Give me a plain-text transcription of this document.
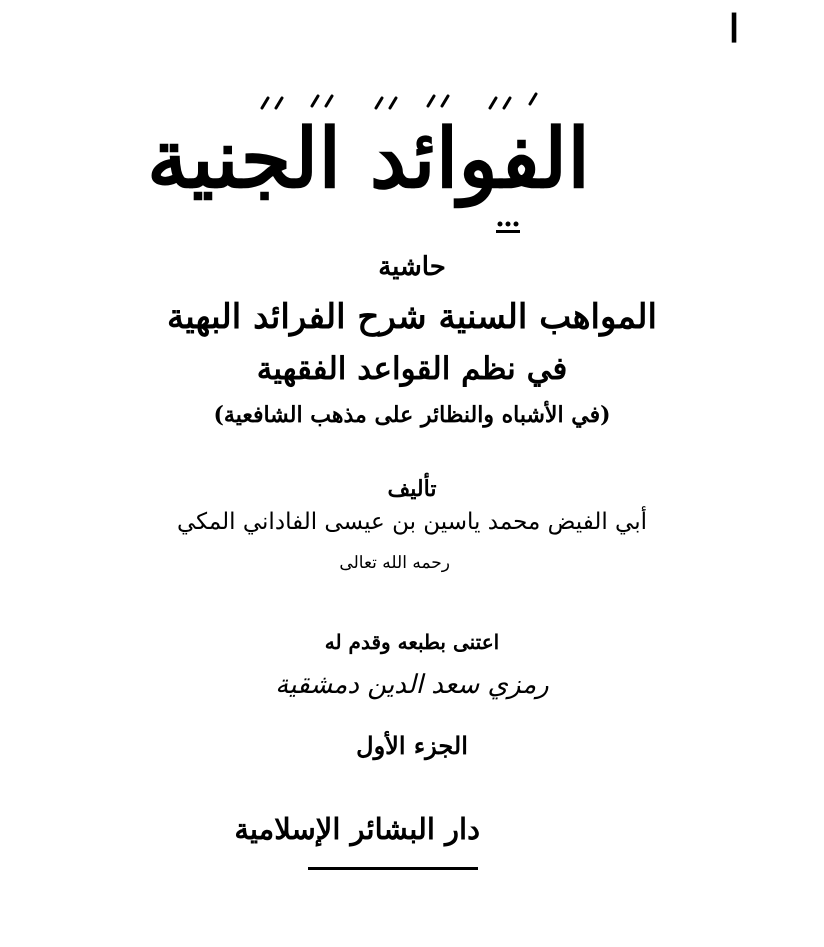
ا
الفوائد الجنية
حاشية
المواهب السنية شرح الفرائد البهية
في نظم القواعد الفقهية
(في الأشباه والنظائر على مذهب الشافعية)
تأليف
أبي الفيض محمد ياسين بن عيسى الفاداني المكي
رحمه الله تعالى
اعتنى بطبعه وقدم له
رمزي سعد الدين دمشقية
الجزء الأول
دار البشائر الإسلامية
